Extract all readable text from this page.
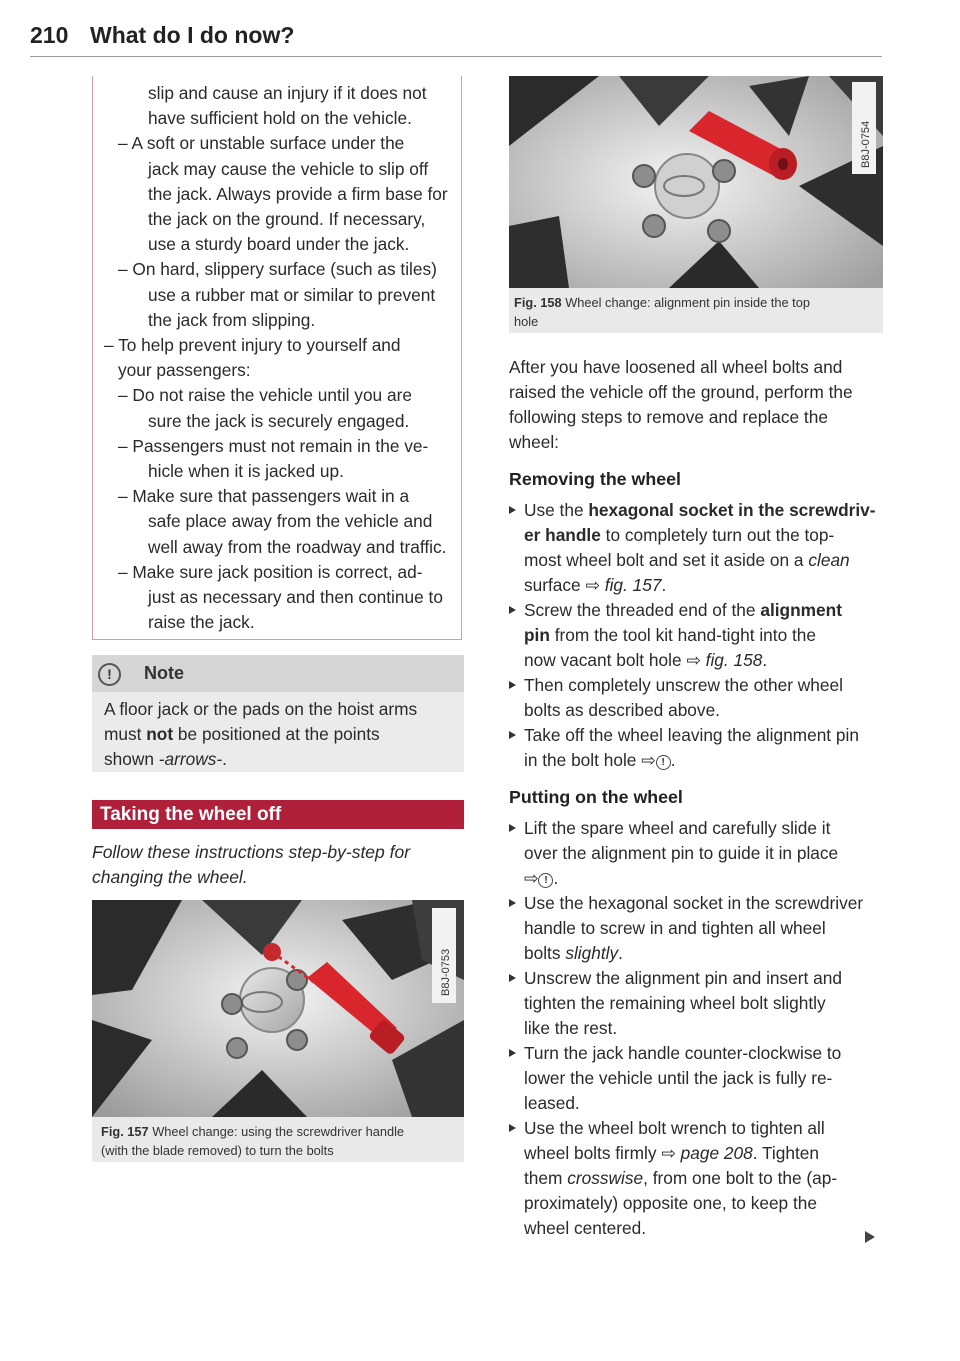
210 What do I do now?
slip and cause an injury if it does not
have sufficient hold on the vehicle.
– A soft or unstable surface under the
jack may cause the vehicle to slip off
the jack. Always provide a firm base for
the jack on the ground. If necessary,
use a sturdy board under the jack.
– On hard, slippery surface (such as tiles)
use a rubber mat or similar to prevent
the jack from slipping.
– To help prevent injury to yourself and
your passengers:
– Do not raise the vehicle until you are
sure the jack is securely engaged.
– Passengers must not remain in the ve-
hicle when it is jacked up.
– Make sure that passengers wait in a
safe place away from the vehicle and
well away from the roadway and traffic.
– Make sure jack position is correct, ad-
just as necessary and then continue to
raise the jack.
!	Note
A floor jack or the pads on the hoist arms
must not be positioned at the points
shown -arrows-.
Taking the wheel off
Follow these instructions step-by-step for
changing the wheel.
B8J-0753
Fig. 157 Wheel change: using the screwdriver handle
(with the blade removed) to turn the bolts
B8J-0754
Fig. 158 Wheel change: alignment pin inside the top
hole
After you have loosened all wheel bolts and
raised the vehicle off the ground, perform the
following steps to remove and replace the
wheel:
Removing the wheel
Use the hexagonal socket in the screwdriv-
er handle to completely turn out the top-
most wheel bolt and set it aside on a clean
surface ⇨ fig. 157.
Screw the threaded end of the alignment
pin from the tool kit hand-tight into the
now vacant bolt hole ⇨ fig. 158.
Then completely unscrew the other wheel
bolts as described above.
Take off the wheel leaving the alignment pin
in the bolt hole ⇨ ! .
Putting on the wheel
Lift the spare wheel and carefully slide it
over the alignment pin to guide it in place
⇨ ! .
Use the hexagonal socket in the screwdriver
handle to screw in and tighten all wheel
bolts slightly.
Unscrew the alignment pin and insert and
tighten the remaining wheel bolt slightly
like the rest.
Turn the jack handle counter-clockwise to
lower the vehicle until the jack is fully re-
leased.
Use the wheel bolt wrench to tighten all
wheel bolts firmly ⇨ page 208. Tighten
them crosswise, from one bolt to the (ap-
proximately) opposite one, to keep the
wheel centered.
